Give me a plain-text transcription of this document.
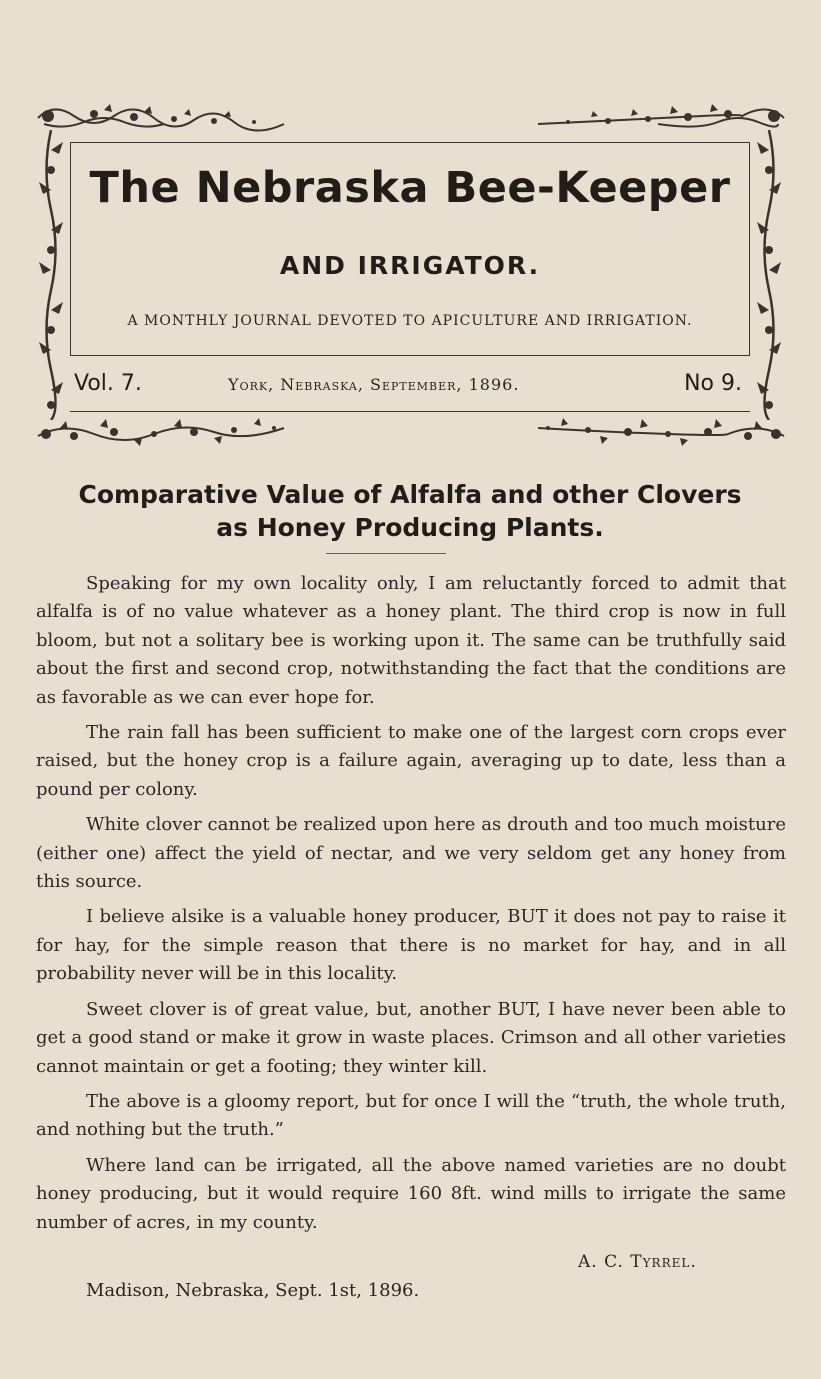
The Nebraska Bee-Keeper
AND IRRIGATOR.
A MONTHLY JOURNAL DEVOTED TO APICULTURE AND IRRIGATION.
Vol. 7.	York, Nebraska, September, 1896.	No 9.
Comparative Value of Alfalfa and other Clovers
as Honey Producing Plants.

Speaking for my own locality only, I am reluctantly forced to admit that alfalfa is of no value whatever as a honey plant. The third crop is now in full bloom, but not a solitary bee is working upon it. The same can be truthfully said about the first and second crop, notwithstanding the fact that the conditions are as favorable as we can ever hope for.

The rain fall has been sufficient to make one of the largest corn crops ever raised, but the honey crop is a failure again, averaging up to date, less than a pound per colony.

White clover cannot be realized upon here as drouth and too much moisture (either one) affect the yield of nectar, and we very seldom get any honey from this source.

I believe alsike is a valuable honey producer, BUT it does not pay to raise it for hay, for the simple reason that there is no market for hay, and in all probability never will be in this locality.

Sweet clover is of great value, but, another BUT, I have never been able to get a good stand or make it grow in waste places. Crimson and all other varieties cannot maintain or get a footing; they winter kill.

The above is a gloomy report, but for once I will the “truth, the whole truth, and nothing but the truth.”

Where land can be irrigated, all the above named varieties are no doubt honey producing, but it would require 160 8ft. wind mills to irrigate the same number of acres, in my county.

A. C. Tyrrel.
Madison, Nebraska, Sept. 1st, 1896.
